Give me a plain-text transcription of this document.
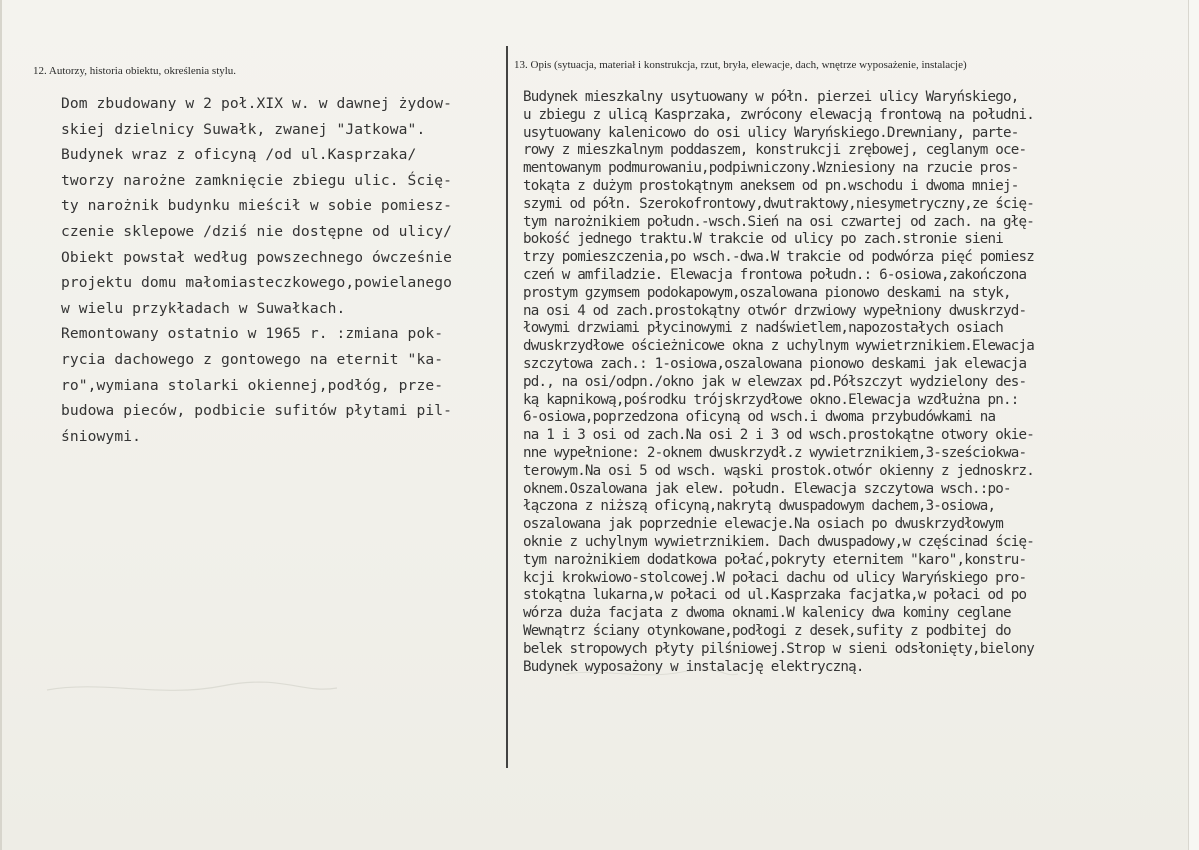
12. Autorzy, historia obiektu, określenia stylu.	13. Opis (sytuacja, materiał i konstrukcja, rzut, bryła, elewacje, dach, wnętrze wyposażenie, instalacje)
Dom zbudowany w 2 poł.XIX w. w dawnej żydow-
skiej dzielnicy Suwałk, zwanej "Jatkowa".
Budynek wraz z oficyną /od ul.Kasprzaka/
tworzy narożne zamknięcie zbiegu ulic. Ścię-
ty narożnik budynku mieścił w sobie pomiesz-
czenie sklepowe /dziś nie dostępne od ulicy/
Obiekt powstał według powszechnego ówcześnie
projektu domu małomiasteczkowego,powielanego
w wielu przykładach w Suwałkach.
Remontowany ostatnio w 1965 r. :zmiana pok-
rycia dachowego z gontowego na eternit "ka-
ro",wymiana stolarki okiennej,podłóg, prze-
budowa pieców, podbicie sufitów płytami pil-
śniowymi.
Budynek mieszkalny usytuowany w półn. pierzei ulicy Waryńskiego,
u zbiegu z ulicą Kasprzaka, zwrócony elewacją frontową na południ.
usytuowany kalenicowo do osi ulicy Waryńskiego.Drewniany, parte-
rowy z mieszkalnym poddaszem, konstrukcji zrębowej, ceglanym oce-
mentowanym podmurowaniu,podpiwniczony.Wzniesiony na rzucie pros-
tokąta z dużym prostokątnym aneksem od pn.wschodu i dwoma mniej-
szymi od półn. Szerokofrontowy,dwutraktowy,niesymetryczny,ze ścię-
tym narożnikiem połudn.-wsch.Sień na osi czwartej od zach. na głę-
bokość jednego traktu.W trakcie od ulicy po zach.stronie sieni
trzy pomieszczenia,po wsch.-dwa.W trakcie od podwórza pięć pomiesz
czeń w amfiladzie. Elewacja frontowa połudn.: 6-osiowa,zakończona
prostym gzymsem podokapowym,oszalowana pionowo deskami na styk,
na osi 4 od zach.prostokątny otwór drzwiowy wypełniony dwuskrzyd-
łowymi drzwiami płycinowymi z nadświetlem,napozostałych osiach
dwuskrzydłowe ościeżnicowe okna z uchylnym wywietrznikiem.Elewacja
szczytowa zach.: 1-osiowa,oszalowana pionowo deskami jak elewacja
pd., na osi/odpn./okno jak w elewzax pd.Półszczyt wydzielony des-
ką kapnikową,pośrodku trójskrzydłowe okno.Elewacja wzdłużna pn.:
6-osiowa,poprzedzona oficyną od wsch.i dwoma przybudówkami na
na 1 i 3 osi od zach.Na osi 2 i 3 od wsch.prostokątne otwory okie-
nne wypełnione: 2-oknem dwuskrzydł.z wywietrznikiem,3-sześciokwa-
terowym.Na osi 5 od wsch. wąski prostok.otwór okienny z jednoskrz.
oknem.Oszalowana jak elew. połudn. Elewacja szczytowa wsch.:po-
łączona z niższą oficyną,nakrytą dwuspadowym dachem,3-osiowa,
oszalowana jak poprzednie elewacje.Na osiach po dwuskrzydłowym
oknie z uchylnym wywietrznikiem. Dach dwuspadowy,w częścinad ścię-
tym narożnikiem dodatkowa połać,pokryty eternitem "karo",konstru-
kcji krokwiowo-stolcowej.W połaci dachu od ulicy Waryńskiego pro-
stokątna lukarna,w połaci od ul.Kasprzaka facjatka,w połaci od po
wórza duża facjata z dwoma oknami.W kalenicy dwa kominy ceglane
Wewnątrz ściany otynkowane,podłogi z desek,sufity z podbitej do
belek stropowych płyty pilśniowej.Strop w sieni odsłonięty,bielony
Budynek wyposażony w instalację elektryczną.
